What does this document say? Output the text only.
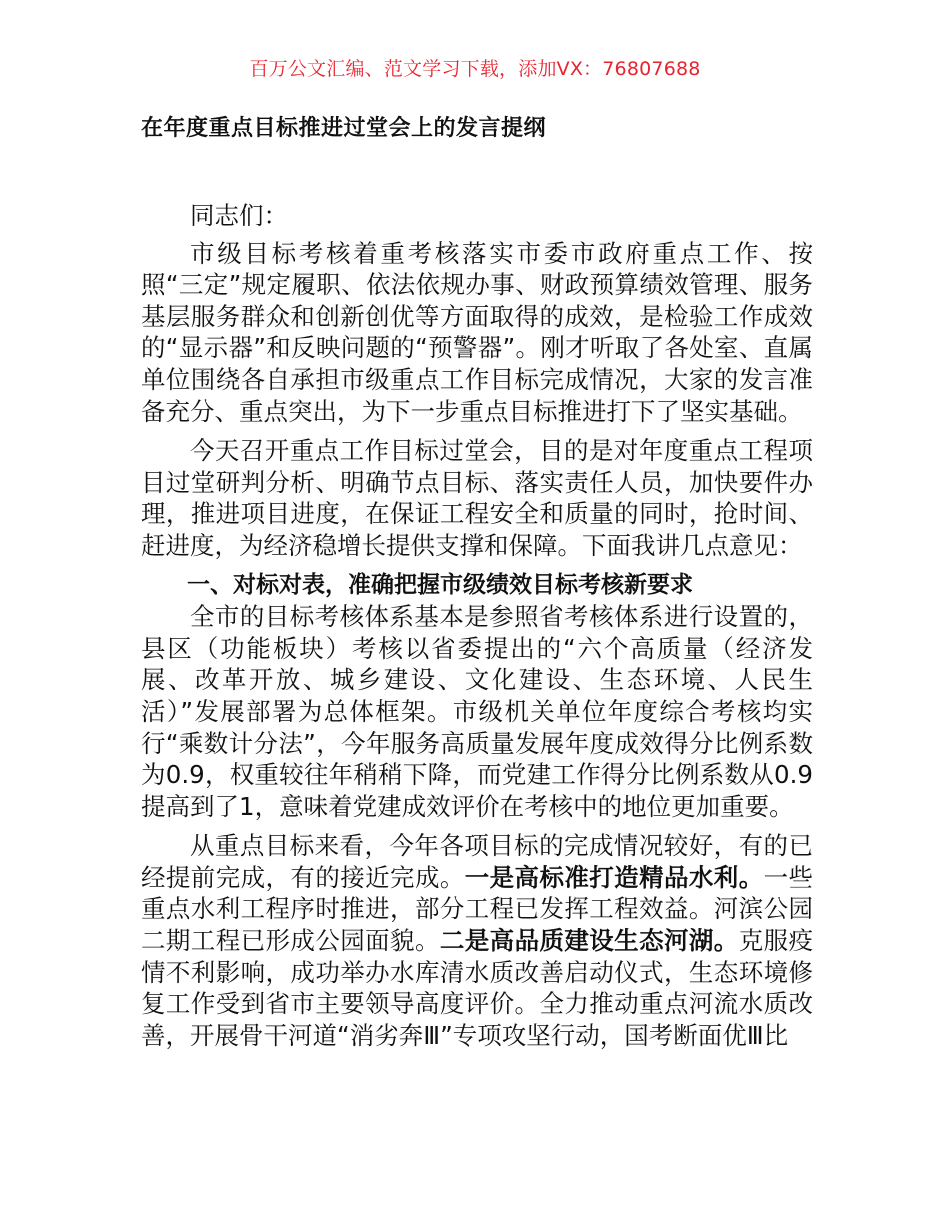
百万公文汇编、范文学习下载，添加VX：76807688
在年度重点目标推进过堂会上的发言提纲

同志们：

市级目标考核着重考核落实市委市政府重点工作、按照“三定”规定履职、依法依规办事、财政预算绩效管理、服务基层服务群众和创新创优等方面取得的成效，是检验工作成效的“显示器”和反映问题的“预警器”。刚才听取了各处室、直属单位围绕各自承担市级重点工作目标完成情况，大家的发言准备充分、重点突出，为下一步重点目标推进打下了坚实基础。

今天召开重点工作目标过堂会，目的是对年度重点工程项目过堂研判分析、明确节点目标、落实责任人员，加快要件办理，推进项目进度，在保证工程安全和质量的同时，抢时间、赶进度，为经济稳增长提供支撑和保障。下面我讲几点意见：

一、对标对表，准确把握市级绩效目标考核新要求

全市的目标考核体系基本是参照省考核体系进行设置的，县区（功能板块）考核以省委提出的“六个高质量（经济发展、改革开放、城乡建设、文化建设、生态环境、人民生活）”发展部署为总体框架。市级机关单位年度综合考核均实行“乘数计分法”，今年服务高质量发展年度成效得分比例系数为0.9，权重较往年稍稍下降，而党建工作得分比例系数从0.9提高到了1，意味着党建成效评价在考核中的地位更加重要。

从重点目标来看，今年各项目标的完成情况较好，有的已经提前完成，有的接近完成。一是高标准打造精品水利。一些重点水利工程序时推进，部分工程已发挥工程效益。河滨公园二期工程已形成公园面貌。二是高品质建设生态河湖。克服疫情不利影响，成功举办水库清水质改善启动仪式，生态环境修复工作受到省市主要领导高度评价。全力推动重点河流水质改善，开展骨干河道“消劣奔Ⅲ”专项攻坚行动，国考断面优Ⅲ比
